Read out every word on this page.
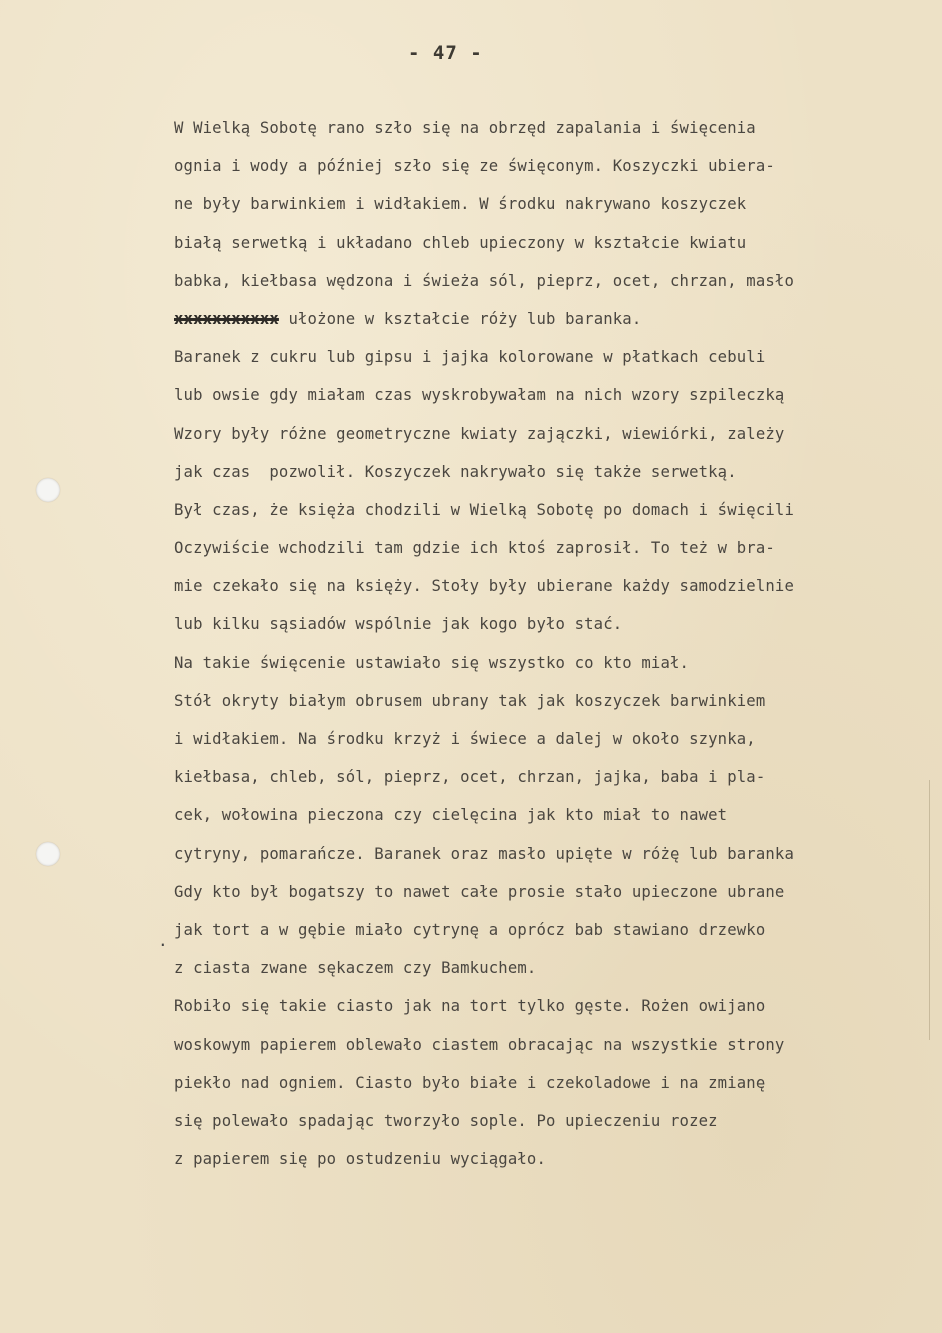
- 47 -
.
W Wielką Sobotę rano szło się na obrzęd zapalania i święcenia
ognia i wody a później szło się ze święconym. Koszyczki ubiera-
ne były barwinkiem i widłakiem. W środku nakrywano koszyczek
białą serwetką i układano chleb upieczony w kształcie kwiatu
babka, kiełbasa wędzona i świeża sól, pieprz, ocet, chrzan, masło
xxxxxxxxxxx ułożone w kształcie róży lub baranka.
Baranek z cukru lub gipsu i jajka kolorowane w płatkach cebuli
lub owsie gdy miałam czas wyskrobywałam na nich wzory szpileczką
Wzory były różne geometryczne kwiaty zajączki, wiewiórki, zależy
jak czas  pozwolił. Koszyczek nakrywało się także serwetką.
Był czas, że księża chodzili w Wielką Sobotę po domach i święcili
Oczywiście wchodzili tam gdzie ich ktoś zaprosił. To też w bra-
mie czekało się na księży. Stoły były ubierane każdy samodzielnie
lub kilku sąsiadów wspólnie jak kogo było stać.
Na takie święcenie ustawiało się wszystko co kto miał.
Stół okryty białym obrusem ubrany tak jak koszyczek barwinkiem
i widłakiem. Na środku krzyż i świece a dalej w około szynka,
kiełbasa, chleb, sól, pieprz, ocet, chrzan, jajka, baba i pla-
cek, wołowina pieczona czy cielęcina jak kto miał to nawet
cytryny, pomarańcze. Baranek oraz masło upięte w różę lub baranka
Gdy kto był bogatszy to nawet całe prosie stało upieczone ubrane
jak tort a w gębie miało cytrynę a oprócz bab stawiano drzewko
z ciasta zwane sękaczem czy Bamkuchem.
Robiło się takie ciasto jak na tort tylko gęste. Rożen owijano
woskowym papierem oblewało ciastem obracając na wszystkie strony
piekło nad ogniem. Ciasto było białe i czekoladowe i na zmianę
się polewało spadając tworzyło sople. Po upieczeniu rozez
z papierem się po ostudzeniu wyciągało.
